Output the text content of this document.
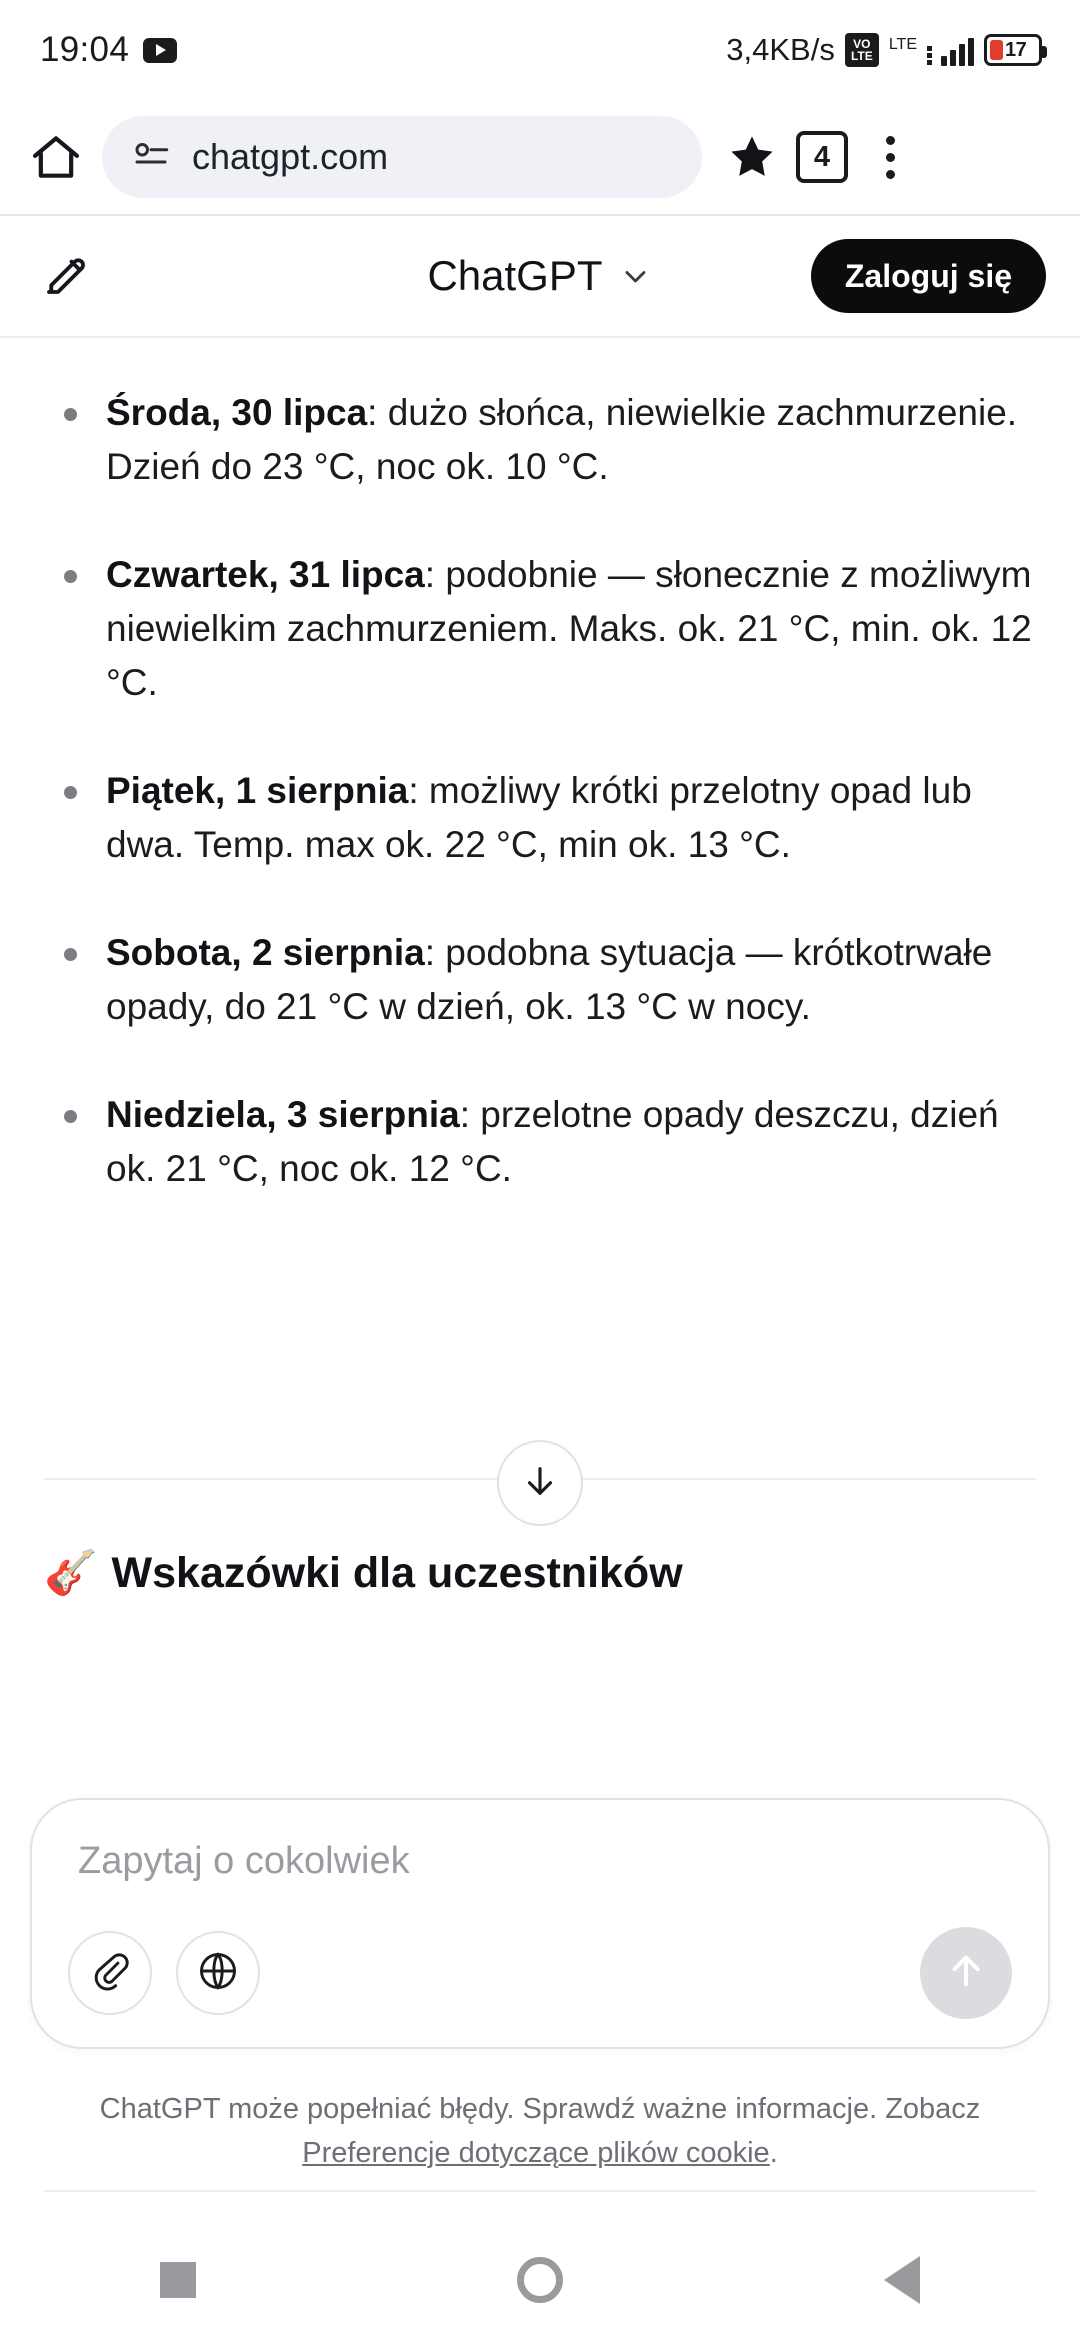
19:04	3,4KB/s VO
LTE
LTE	17
chatgpt.com	4
ChatGPT	Zaloguj się
Środa, 30 lipca: dużo słońca, niewielkie zachmurzenie. Dzień do 23 °C, noc ok. 10 °C.
Czwartek, 31 lipca: podobnie — słonecznie z możliwym niewielkim zachmurzeniem. Maks. ok. 21 °C, min. ok. 12 °C.
Piątek, 1 sierpnia: możliwy krótki przelotny opad lub dwa. Temp. max ok. 22 °C, min ok. 13 °C.
Sobota, 2 sierpnia: podobna sytuacja — krótkotrwałe opady, do 21 °C w dzień, ok. 13 °C w nocy.
Niedziela, 3 sierpnia: przelotne opady deszczu, dzień ok. 21 °C, noc ok. 12 °C.
🎸 Wskazówki dla uczestników
Zapytaj o cokolwiek
ChatGPT może popełniać błędy. Sprawdź ważne informacje. Zobacz Preferencje dotyczące plików cookie.
